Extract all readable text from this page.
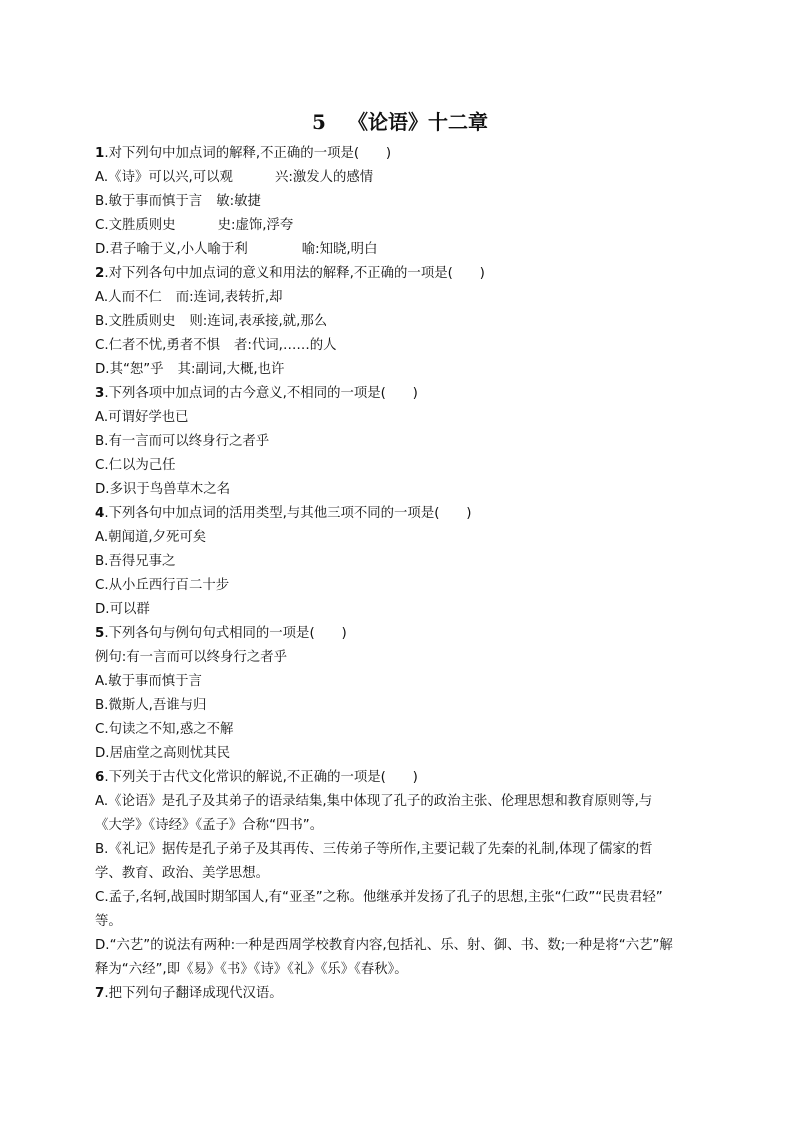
5 《论语》十二章
1.对下列句中加点词的解释,不正确的一项是(　　)
A.《诗》可以兴,可以观	兴:激发人的感情
B.敏于事而慎于言 敏:敏捷
C.文胜质则史	史:虚饰,浮夸
D.君子喻于义,小人喻于利	喻:知晓,明白
2.对下列各句中加点词的意义和用法的解释,不正确的一项是(　　)
A.人而不仁 而:连词,表转折,却
B.文胜质则史 则:连词,表承接,就,那么
C.仁者不忧,勇者不惧 者:代词,……的人
D.其“恕”乎 其:副词,大概,也许
3.下列各项中加点词的古今意义,不相同的一项是(　　)
A.可谓好学也已
B.有一言而可以终身行之者乎
C.仁以为己任
D.多识于鸟兽草木之名
4.下列各句中加点词的活用类型,与其他三项不同的一项是(　　)
A.朝闻道,夕死可矣
B.吾得兄事之
C.从小丘西行百二十步
D.可以群
5.下列各句与例句句式相同的一项是(　　)
例句:有一言而可以终身行之者乎
A.敏于事而慎于言
B.微斯人,吾谁与归
C.句读之不知,惑之不解
D.居庙堂之高则忧其民
6.下列关于古代文化常识的解说,不正确的一项是(　　)
A.《论语》是孔子及其弟子的语录结集,集中体现了孔子的政治主张、伦理思想和教育原则等,与
《大学》《诗经》《孟子》合称“四书”。
B.《礼记》据传是孔子弟子及其再传、三传弟子等所作,主要记载了先秦的礼制,体现了儒家的哲
学、教育、政治、美学思想。
C.孟子,名轲,战国时期邹国人,有“亚圣”之称。他继承并发扬了孔子的思想,主张“仁政”“民贵君轻”
等。
D.“六艺”的说法有两种:一种是西周学校教育内容,包括礼、乐、射、御、书、数;一种是将“六艺”解
释为“六经”,即《易》《书》《诗》《礼》《乐》《春秋》。
7.把下列句子翻译成现代汉语。
